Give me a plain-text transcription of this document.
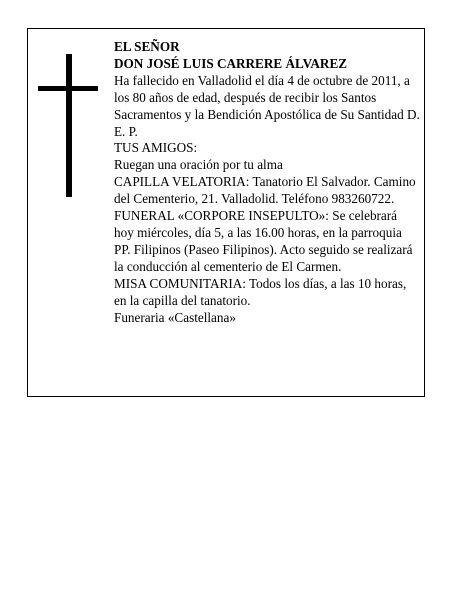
EL SEÑOR

DON JOSÉ LUIS CARRERE ÁLVAREZ

Ha fallecido en Valladolid el día 4 de octubre de 2011, a los 80 años de edad, después de recibir los Santos Sacramentos y la Bendición Apostólica de Su Santidad D. E. P.

TUS AMIGOS:

Ruegan una oración por tu alma

CAPILLA VELATORIA: Tanatorio El Salvador. Camino del Cementerio, 21. Valladolid. Teléfono 983260722.

FUNERAL «CORPORE INSEPULTO»: Se celebrará hoy miércoles, día 5, a las 16.00 horas, en la parroquia PP. Filipinos (Paseo Filipinos). Acto seguido se realizará la conducción al cementerio de El Carmen.

MISA COMUNITARIA: Todos los días, a las 10 horas, en la capilla del tanatorio.

Funeraria «Castellana»
